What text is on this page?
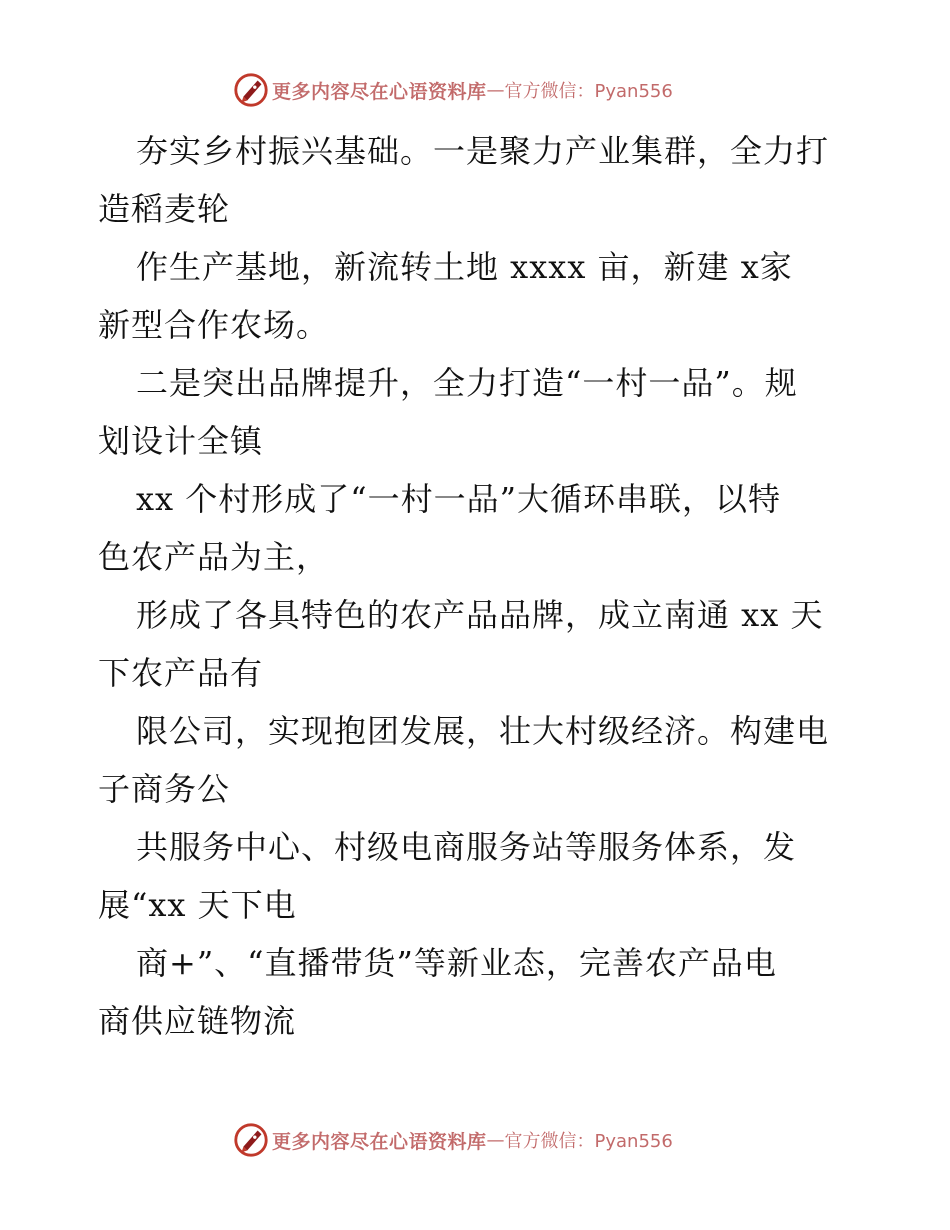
更多内容尽在心语资料库 — 官方微信：Pyan556
夯实乡村振兴基础。一是聚力产业集群，全力打
造稻麦轮
作生产基地，新流转土地 xxxx 亩，新建 x家
新型合作农场。
二是突出品牌提升，全力打造“一村一品”。规
划设计全镇
xx 个村形成了“一村一品”大循环串联，以特
色农产品为主，
形成了各具特色的农产品品牌，成立南通 xx 天
下农产品有
限公司，实现抱团发展，壮大村级经济。构建电
子商务公
共服务中心、村级电商服务站等服务体系，发
展“xx 天下电
商+”、“直播带货”等新业态，完善农产品电
商供应链物流
更多内容尽在心语资料库 — 官方微信：Pyan556
